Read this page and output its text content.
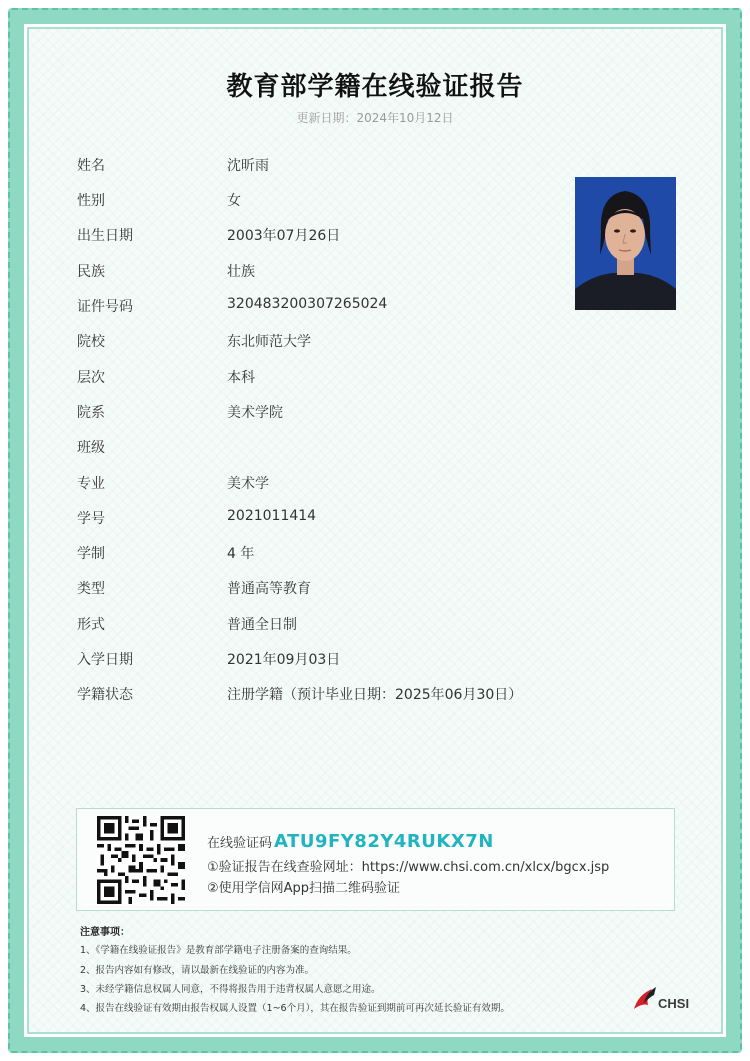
教育部学籍在线验证报告
更新日期：2024年10月12日
姓名	沈昕雨
性别	女
出生日期	2003年07月26日
民族	壮族
证件号码	320483200307265024
院校	东北师范大学
层次	本科
院系	美术学院
班级
专业	美术学
学号	2021011414
学制	4 年
类型	普通高等教育
形式	普通全日制
入学日期	2021年09月03日
学籍状态	注册学籍（预计毕业日期：2025年06月30日）
在线验证码 ATU9FY82Y4RUKX7N
①验证报告在线查验网址：https://www.chsi.com.cn/xlcx/bgcx.jsp
②使用学信网App扫描二维码验证
注意事项：
1、《学籍在线验证报告》是教育部学籍电子注册备案的查询结果。
2、报告内容如有修改，请以最新在线验证的内容为准。
3、未经学籍信息权属人同意，不得将报告用于违背权属人意愿之用途。
4、报告在线验证有效期由报告权属人设置（1~6个月），其在报告验证到期前可再次延长验证有效期。	CHSI
